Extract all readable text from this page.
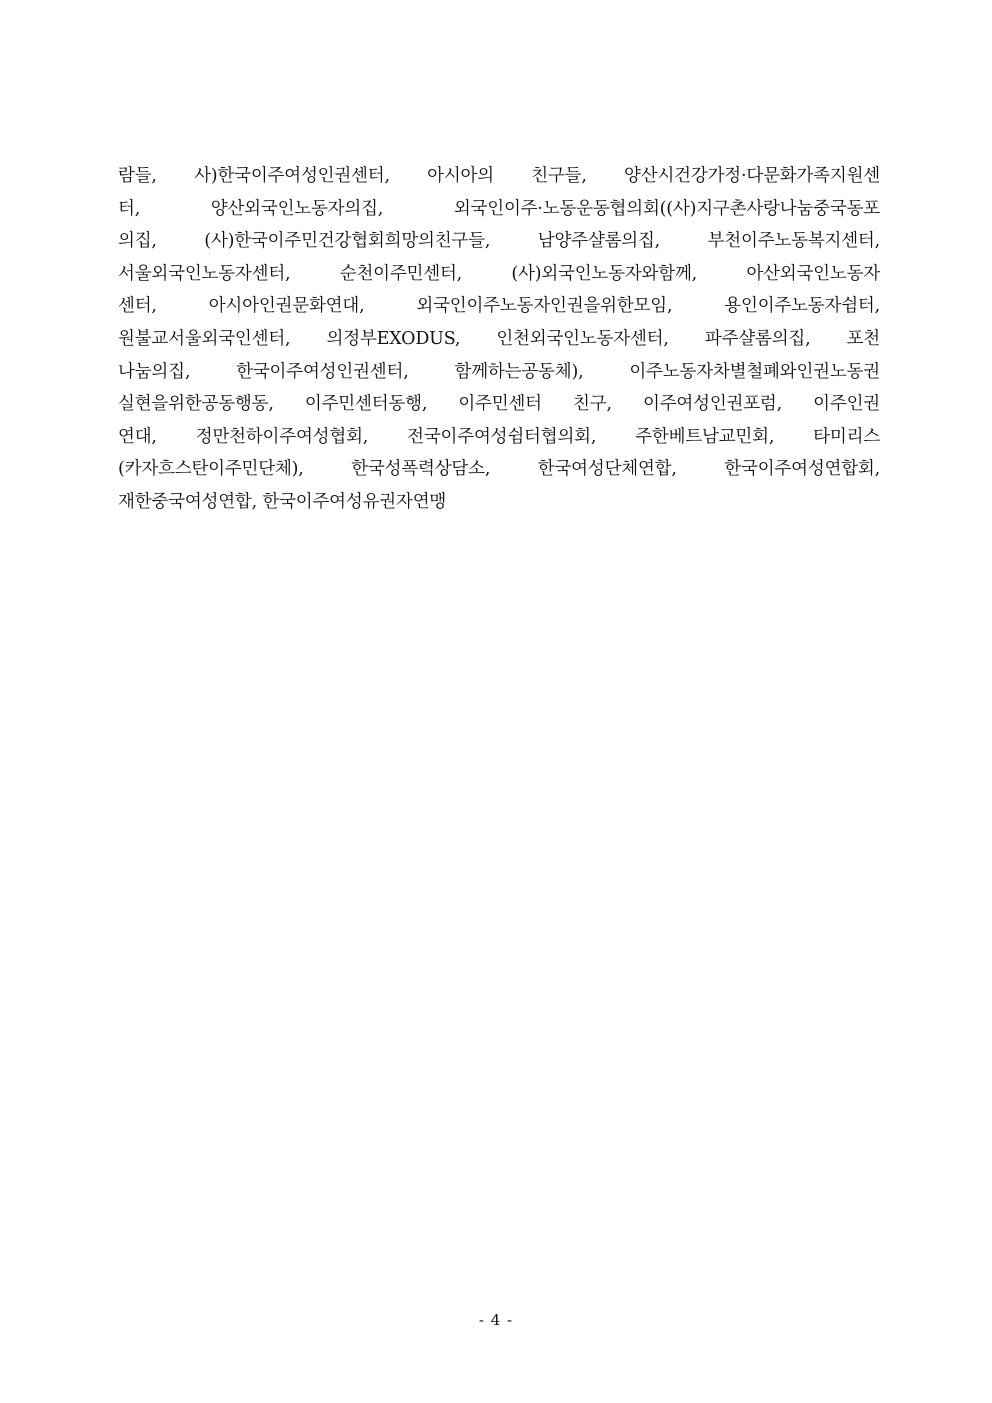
람들, 사)한국이주여성인권센터, 아시아의 친구들, 양산시건강가정·다문화가족지원센
터, 양산외국인노동자의집, 외국인이주·노동운동협의회((사)지구촌사랑나눔중국동포
의집, (사)한국이주민건강협회희망의친구들, 남양주샬롬의집, 부천이주노동복지센터,
서울외국인노동자센터, 순천이주민센터, (사)외국인노동자와함께, 아산외국인노동자
센터, 아시아인권문화연대, 외국인이주노동자인권을위한모임, 용인이주노동자쉼터,
원불교서울외국인센터, 의정부EXODUS, 인천외국인노동자센터, 파주샬롬의집, 포천
나눔의집, 한국이주여성인권센터, 함께하는공동체), 이주노동자차별철폐와인권노동권
실현을위한공동행동, 이주민센터동행, 이주민센터 친구, 이주여성인권포럼, 이주인권
연대, 정만천하이주여성협회, 전국이주여성쉼터협의회, 주한베트남교민회, 타미리스
(카자흐스탄이주민단체), 한국성폭력상담소, 한국여성단체연합, 한국이주여성연합회,
재한중국여성연합, 한국이주여성유권자연맹
- 4 -
